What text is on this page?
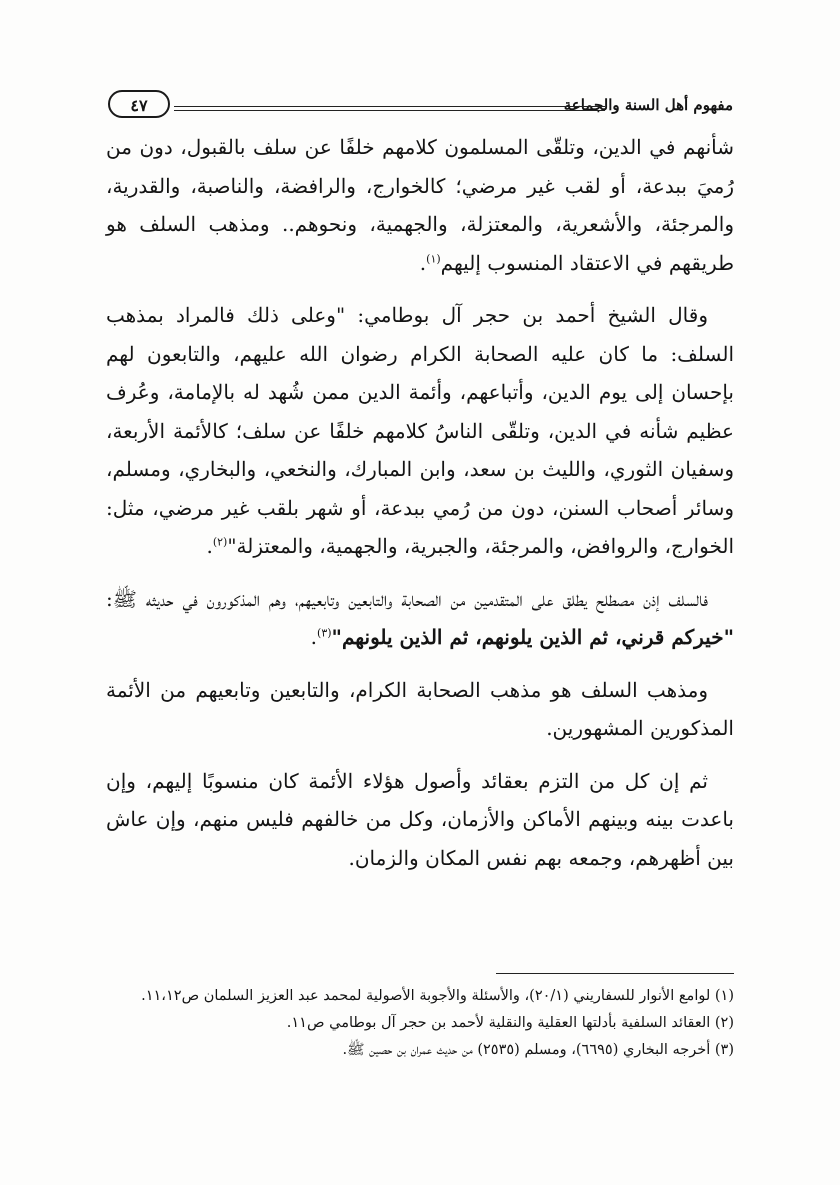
مفهوم أهل السنة والجماعة
٤٧

شأنهم في الدين، وتلقّى المسلمون كلامهم خلفًا عن سلف بالقبول، دون من رُميَ ببدعة، أو لقب غير مرضي؛ كالخوارج، والرافضة، والناصبة، والقدرية، والمرجئة، والأشعرية، والمعتزلة، والجهمية، ونحوهم.. ومذهب السلف هو طريقهم في الاعتقاد المنسوب إليهم$^{(١)}$.

وقال الشيخ أحمد بن حجر آل بوطامي: "وعلى ذلك فالمراد بمذهب السلف: ما كان عليه الصحابة الكرام رضوان الله عليهم، والتابعون لهم بإحسان إلى يوم الدين، وأتباعهم، وأئمة الدين ممن شُهد له بالإمامة، وعُرف عظيم شأنه في الدين، وتلقّى الناسُ كلامهم خلفًا عن سلف؛ كالأئمة الأربعة، وسفيان الثوري، والليث بن سعد، وابن المبارك، والنخعي، والبخاري، ومسلم، وسائر أصحاب السنن، دون من رُمي ببدعة، أو شهر بلقب غير مرضي، مثل: الخوارج، والروافض، والمرجئة، والجبرية، والجهمية، والمعتزلة"$^{(٢)}$.

فالسلف إذن مصطلح يطلق على المتقدمين من الصحابة والتابعين وتابعيهم، وهم المذكورون في حديثه ﷺ: "خيركم قرني، ثم الذين يلونهم، ثم الذين يلونهم"$^{(٣)}$.

ومذهب السلف هو مذهب الصحابة الكرام، والتابعين وتابعيهم من الأئمة المذكورين المشهورين.

ثم إن كل من التزم بعقائد وأصول هؤلاء الأئمة كان منسوبًا إليهم، وإن باعدت بينه وبينهم الأماكن والأزمان، وكل من خالفهم فليس منهم، وإن عاش بين أظهرهم، وجمعه بهم نفس المكان والزمان.

(١) لوامع الأنوار للسفاريني (٢٠/١)، والأسئلة والأجوبة الأصولية لمحمد عبد العزيز السلمان ص١١،١٢.

(٢) العقائد السلفية بأدلتها العقلية والنقلية لأحمد بن حجر آل بوطامي ص١١.

(٣) أخرجه البخاري (٦٦٩٥)، ومسلم (٢٥٣٥) من حديث عمران بن حصين ﷺ.
